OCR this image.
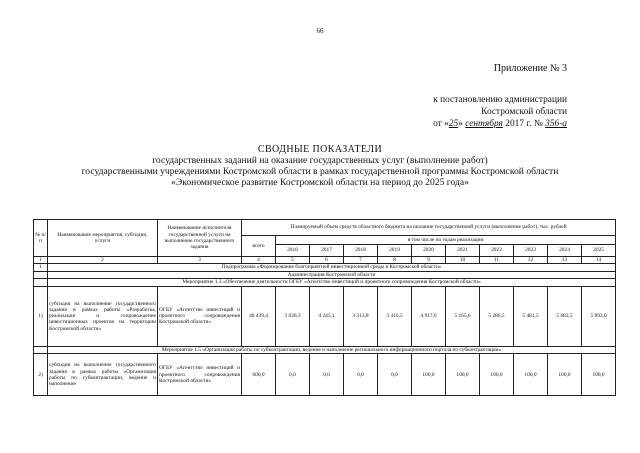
66
Приложение № 3
к постановлению администрации
Костромской области
от «25» сентября 2017 г. № 356-а
СВОДНЫЕ ПОКАЗАТЕЛИ
государственных заданий на оказание государственных услуг (выполнение работ)
государственными учреждениями Костромской области в рамках государственной программы Костромской области
«Экономическое развитие Костромской области на период до 2025 года»
№ п/п	Наименование мероприятия, субсидии, услуги	Наименование исполнителя государственной услуги на выполнение государственного задания	Планируемый объем средств областного бюджета на оказание государственной услуги (выполнение работ), тыс. рублей										
			всего	в том числе по годам реализации									
				2016	2017	2018	2019	2020	2021	2022	2023	2024	2025
1	2	3	4	5	6	7	8	9	10	11	12	13	14
1	Подпрограмма «Формирование благоприятной инвестиционной среды в Костромской области»												
	Администрация Костромской области												
	Мероприятие 1.3 «Обеспечение деятельности ОГБУ «Агентство инвестиций и проектного сопровождения Костромской области»												
1)	субсидия на выполнение государственного задания в рамках работы «Разработка, реализация и сопровождение инвестиционных проектов на территории Костромской области»	ОГБУ «Агентство инвестиций и проектного сопровождения Костромской области»	46 439,4	3 036,3	4 245,1	3 313,8	3 416,5	4 917,6	5 165,6	5 286,5	5 481,5	5 683,5	5 893,0
	Мероприятие 1.5 «Организация работы по субконтрактации, ведение и наполнение регионального информационного портала по субконтрактации»												
2)	субсидия на выполнение государственного задания в рамках работы «Организация работы по субконтрактации, ведение и наполнение	ОГБУ «Агентство инвестиций и проектного сопровождения Костромской области»	600,0	0,0	0,0	0,0	0,0	100,0	100,0	100,0	100,0	100,0	100,0
